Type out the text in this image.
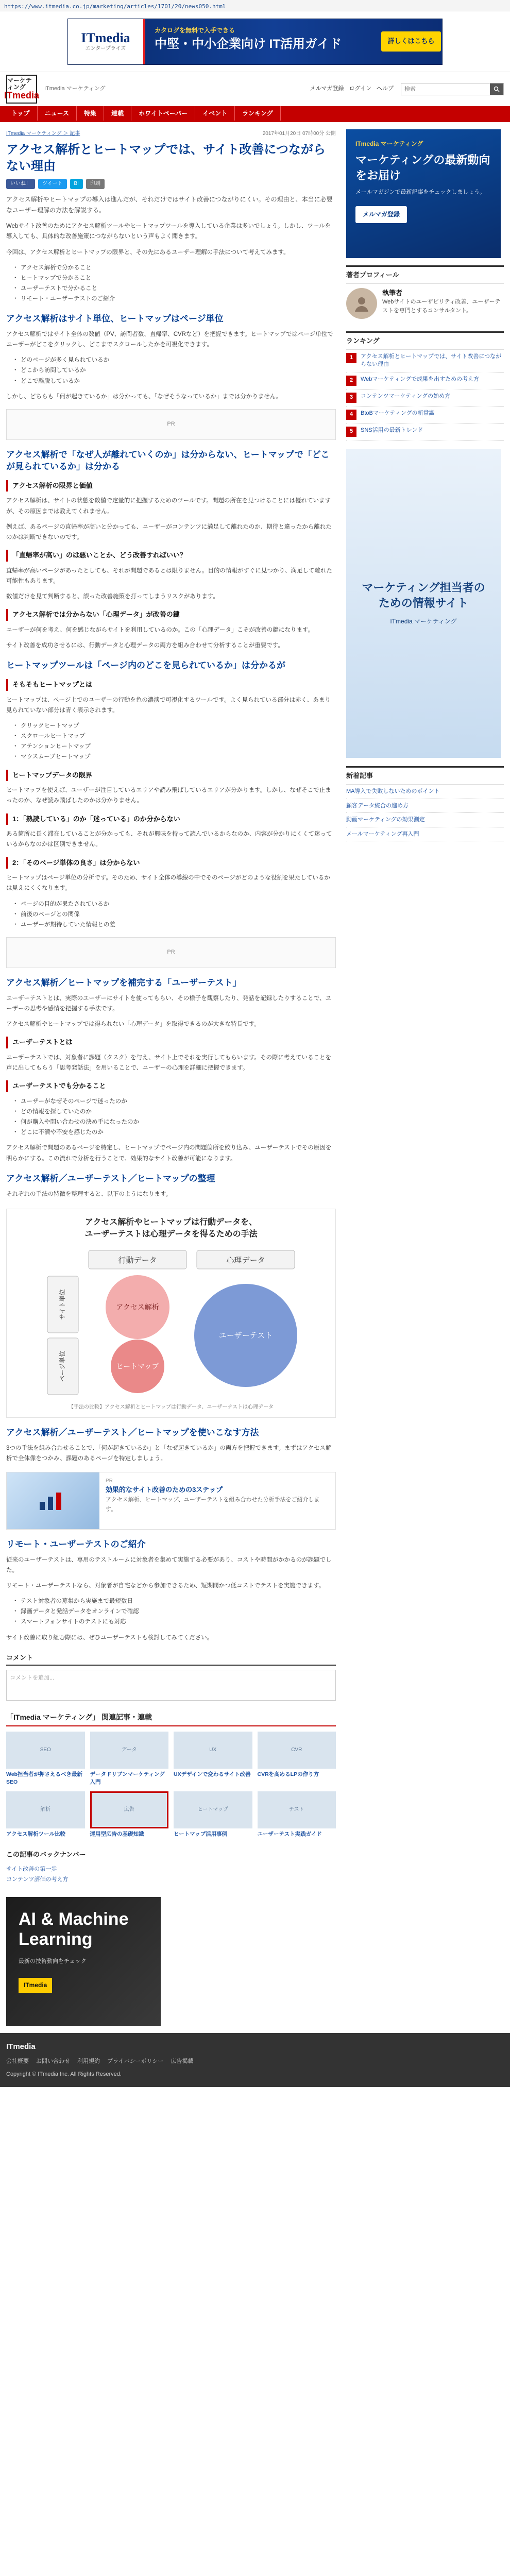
https://www.itmedia.co.jp/marketing/articles/1701/20/news050.html
ITmedia
エンタープライズ
カタログを無料で入手できる
中堅・中小企業向け IT活用ガイド	詳しくはこちら
マーケティング
ITmedia
ITmedia マーケティング	メルマガ登録 ログイン ヘルプ
検索
トップ	ニュース	特集	連載	ホワイトペーパー	イベント	ランキング
ITmedia マーケティング ＞ 記事	2017年01月20日 07時00分 公開
アクセス解析とヒートマップでは、サイト改善につながらない理由
いいね！	ツイート	B!	印刷

アクセス解析やヒートマップの導入は進んだが、それだけではサイト改善につながりにくい。その理由と、本当に必要なユーザー理解の方法を解説する。

Webサイト改善のためにアクセス解析ツールやヒートマップツールを導入している企業は多いでしょう。しかし、ツールを導入しても、具体的な改善施策につながらないという声もよく聞きます。

今回は、アクセス解析とヒートマップの限界と、その先にあるユーザー理解の手法について考えてみます。

・ アクセス解析で分かること
・ ヒートマップで分かること
・ ユーザーテストで分かること
・ リモート・ユーザーテストのご紹介
アクセス解析はサイト単位、ヒートマップはページ単位

アクセス解析ではサイト全体の数値（PV、訪問者数、直帰率、CVRなど）を把握できます。ヒートマップではページ単位でユーザーがどこをクリックし、どこまでスクロールしたかを可視化できます。

・ どのページが多く見られているか
・ どこから訪問しているか
・ どこで離脱しているか

しかし、どちらも「何が起きているか」は分かっても、「なぜそうなっているか」までは分かりません。

PR
アクセス解析で「なぜ人が離れていくのか」は分からない、ヒートマップで「どこが見られているか」は分かる
アクセス解析の限界と価値

アクセス解析は、サイトの状態を数値で定量的に把握するためのツールです。問題の所在を見つけることには優れていますが、その原因までは教えてくれません。

例えば、あるページの直帰率が高いと分かっても、ユーザーがコンテンツに満足して離れたのか、期待と違ったから離れたのかは判断できないのです。

「直帰率が高い」のは悪いことか、どう改善すればいい？

直帰率が高いページがあったとしても、それが問題であるとは限りません。目的の情報がすぐに見つかり、満足して離れた可能性もあります。

数値だけを見て判断すると、誤った改善施策を打ってしまうリスクがあります。

アクセス解析では分からない「心理データ」が改善の鍵

ユーザーが何を考え、何を感じながらサイトを利用しているのか。この「心理データ」こそが改善の鍵になります。

サイト改善を成功させるには、行動データと心理データの両方を組み合わせて分析することが重要です。

ヒートマップツールは「ページ内のどこを見られているか」は分かるが
そもそもヒートマップとは

ヒートマップは、ページ上でのユーザーの行動を色の濃淡で可視化するツールです。よく見られている部分は赤く、あまり見られていない部分は青く表示されます。

・ クリックヒートマップ
・ スクロールヒートマップ
・ アテンションヒートマップ
・ マウスムーブヒートマップ
ヒートマップデータの限界

ヒートマップを使えば、ユーザーが注目しているエリアや読み飛ばしているエリアが分かります。しかし、なぜそこで止まったのか、なぜ読み飛ばしたのかは分かりません。

1：「熟読している」のか「迷っている」のか分からない

ある箇所に長く滞在していることが分かっても、それが興味を持って読んでいるからなのか、内容が分かりにくくて迷っているからなのかは区別できません。

2：「そのページ単体の良さ」は分からない

ヒートマップはページ単位の分析です。そのため、サイト全体の導線の中でそのページがどのような役割を果たしているかは見えにくくなります。

・ ページの目的が果たされているか
・ 前後のページとの関係
・ ユーザーが期待していた情報との差
PR
アクセス解析／ヒートマップを補完する「ユーザーテスト」

ユーザーテストとは、実際のユーザーにサイトを使ってもらい、その様子を観察したり、発話を記録したりすることで、ユーザーの思考や感情を把握する手法です。

アクセス解析やヒートマップでは得られない「心理データ」を取得できるのが大きな特長です。

ユーザーテストとは

ユーザーテストでは、対象者に課題（タスク）を与え、サイト上でそれを実行してもらいます。その際に考えていることを声に出してもらう「思考発話法」を用いることで、ユーザーの心理を詳細に把握できます。

ユーザーテストでも分かること
・ ユーザーがなぜそのページで迷ったのか
・ どの情報を探していたのか
・ 何が購入や問い合わせの決め手になったのか
・ どこに不満や不安を感じたのか

アクセス解析で問題のあるページを特定し、ヒートマップでページ内の問題箇所を絞り込み、ユーザーテストでその原因を明らかにする。この流れで分析を行うことで、効果的なサイト改善が可能になります。

アクセス解析／ユーザーテスト／ヒートマップの整理

それぞれの手法の特徴を整理すると、以下のようになります。

アクセス解析やヒートマップは行動データを、
ユーザーテストは心理データを得るための手法
行動データ	心理データ
サイト単位
ページ単位
アクセス解析
ヒートマップ
ユーザーテスト
【手法の比較】アクセス解析とヒートマップは行動データ、ユーザーテストは心理データ
アクセス解析／ユーザーテスト／ヒートマップを使いこなす方法

3つの手法を組み合わせることで、「何が起きているか」と「なぜ起きているか」の両方を把握できます。まずはアクセス解析で全体像をつかみ、課題のあるページを特定しましょう。

PR
効果的なサイト改善のための3ステップ
アクセス解析、ヒートマップ、ユーザーテストを組み合わせた分析手法をご紹介します。
リモート・ユーザーテストのご紹介

従来のユーザーテストは、専用のテストルームに対象者を集めて実施する必要があり、コストや時間がかかるのが課題でした。

リモート・ユーザーテストなら、対象者が自宅などから参加できるため、短期間かつ低コストでテストを実施できます。

・ テスト対象者の募集から実施まで最短数日
・ 録画データと発話データをオンラインで確認
・ スマートフォンサイトのテストにも対応

サイト改善に取り組む際には、ぜひユーザーテストも検討してみてください。

コメント
コメントを追加...
「ITmedia マーケティング」 関連記事・連載
SEO
Web担当者が押さえるべき最新SEO
データ
データドリブンマーケティング入門
UX
UXデザインで変わるサイト改善
CVR
CVRを高めるLPの作り方
解析
アクセス解析ツール比較
広告
運用型広告の基礎知識
ヒートマップ
ヒートマップ活用事例
テスト
ユーザーテスト実践ガイド
この記事のバックナンバー
サイト改善の第一歩
コンテンツ評価の考え方
ITmedia マーケティング
マーケティングの最新動向をお届け
メールマガジンで最新記事をチェックしましょう。
メルマガ登録
著者プロフィール
執筆者
Webサイトのユーザビリティ改善、ユーザーテストを専門とするコンサルタント。
ランキング
1	アクセス解析とヒートマップでは、サイト改善につながらない理由
2	Webマーケティングで成果を出すための考え方
3	コンテンツマーケティングの始め方
4	BtoBマーケティングの新常識
5	SNS活用の最新トレンド
マーケティング担当者のための情報サイト
ITmedia マーケティング
新着記事
MA導入で失敗しないためのポイント
顧客データ統合の進め方
動画マーケティングの効果測定
メールマーケティング再入門
AI & Machine Learning
最新の技術動向をチェック
ITmedia
ITmedia
会社概要 お問い合わせ 利用規約 プライバシーポリシー 広告掲載
Copyright © ITmedia Inc. All Rights Reserved.
